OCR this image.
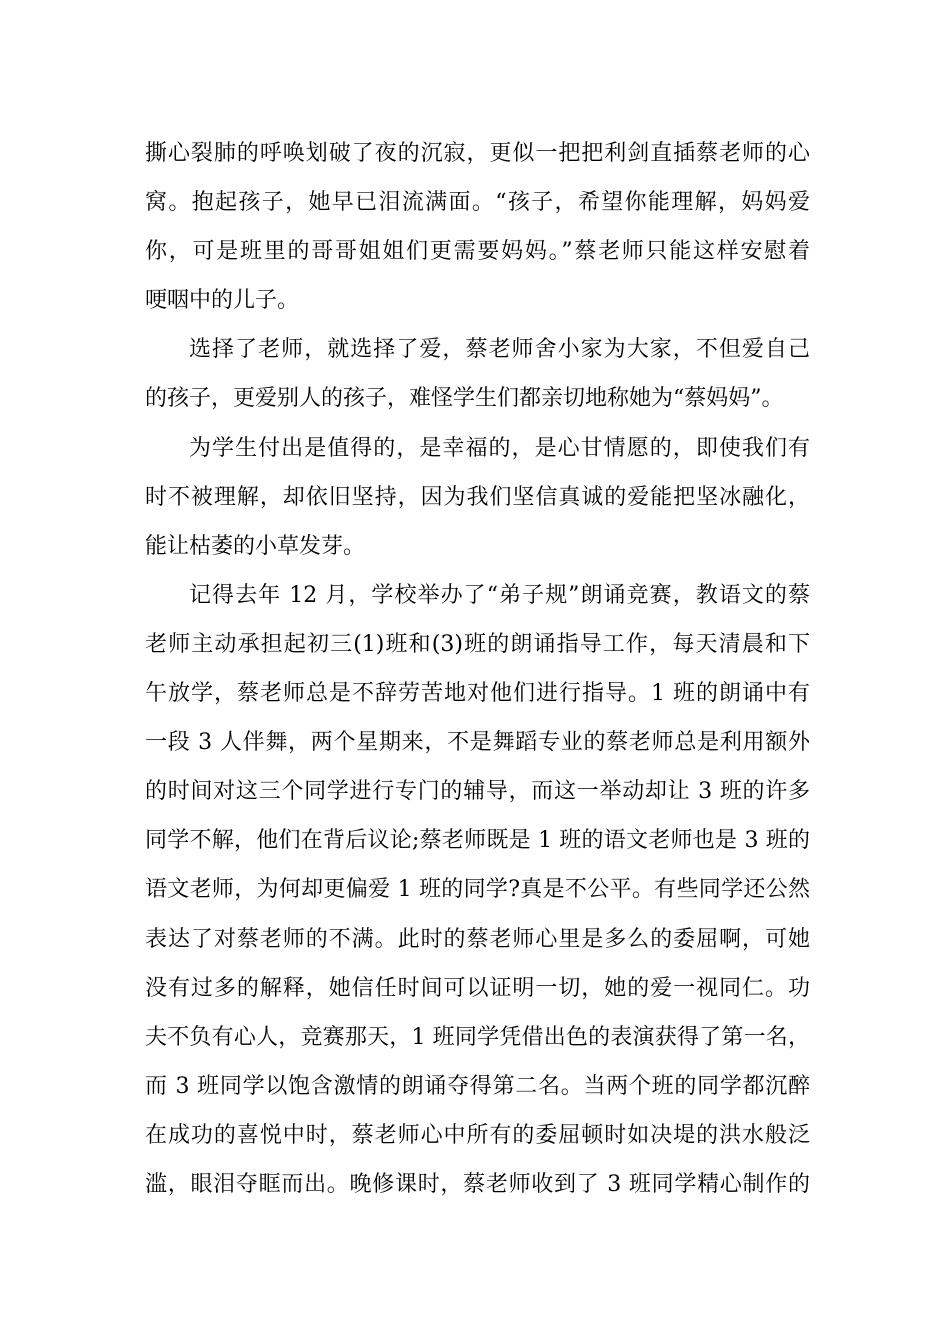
撕心裂肺的呼唤划破了夜的沉寂，更似一把把利剑直插蔡老师的心
窝。抱起孩子，她早已泪流满面。“孩子，希望你能理解，妈妈爱
你，可是班里的哥哥姐姐们更需要妈妈。”蔡老师只能这样安慰着
哽咽中的儿子。
选择了老师，就选择了爱，蔡老师舍小家为大家，不但爱自己
的孩子，更爱别人的孩子，难怪学生们都亲切地称她为“蔡妈妈”。
为学生付出是值得的，是幸福的，是心甘情愿的，即使我们有
时不被理解，却依旧坚持，因为我们坚信真诚的爱能把坚冰融化，
能让枯萎的小草发芽。
记得去年 12 月，学校举办了“弟子规”朗诵竞赛，教语文的蔡
老师主动承担起初三(1)班和(3)班的朗诵指导工作，每天清晨和下
午放学，蔡老师总是不辞劳苦地对他们进行指导。1 班的朗诵中有
一段 3 人伴舞，两个星期来，不是舞蹈专业的蔡老师总是利用额外
的时间对这三个同学进行专门的辅导，而这一举动却让 3 班的许多
同学不解，他们在背后议论;蔡老师既是 1 班的语文老师也是 3 班的
语文老师，为何却更偏爱 1 班的同学?真是不公平。有些同学还公然
表达了对蔡老师的不满。此时的蔡老师心里是多么的委屈啊，可她
没有过多的解释，她信任时间可以证明一切，她的爱一视同仁。功
夫不负有心人，竞赛那天，1 班同学凭借出色的表演获得了第一名，
而 3 班同学以饱含激情的朗诵夺得第二名。当两个班的同学都沉醉
在成功的喜悦中时，蔡老师心中所有的委屈顿时如决堤的洪水般泛
滥，眼泪夺眶而出。晚修课时，蔡老师收到了 3 班同学精心制作的
